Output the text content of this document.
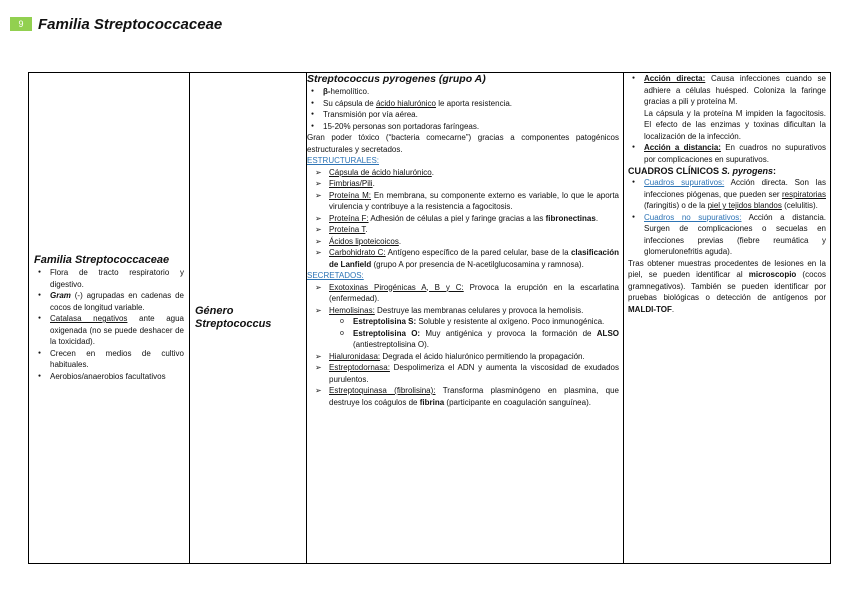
9 Familia Streptococcaceae
Familia Streptococcaceae
● Flora de tracto respiratorio y digestivo.
● Gram (-) agrupadas en cadenas de cocos de longitud variable.
● Catalasa negativos ante agua oxigenada (no se puede deshacer de la toxicidad).
● Crecen en medios de cultivo habituales.
● Aerobios/anaerobios facultativos

Género Streptococcus

Streptococcus pyrogenes (grupo A)
● β-hemolítico.
● Su cápsula de ácido hialurónico le aporta resistencia.
● Transmisión por vía aérea.
● 15-20% personas son portadoras faríngeas.
Gran poder tóxico (“bacteria comecarne”) gracias a componentes patogénicos estructurales y secretados.
ESTRUCTURALES:
➢ Cápsula de ácido hialurónico.
➢ Fimbrias/Pili.
➢ Proteína M: En membrana, su componente externo es variable, lo que le aporta virulencia y contribuye a la resistencia a fagocitosis.
➢ Proteína F: Adhesión de células a piel y faringe gracias a las fibronectinas.
➢ Proteína T.
➢ Ácidos lipoteicoicos.
➢ Carbohidrato C: Antígeno específico de la pared celular, base de la clasificación de Lanfield (grupo A por presencia de N-acetilglucosamina y ramnosa).
SECRETADOS:
➢ Exotoxinas Pirogénicas A, B y C: Provoca la erupción en la escarlatina (enfermedad).
➢ Hemolisinas: Destruye las membranas celulares y provoca la hemolisis.
o Estreptolisina S: Soluble y resistente al oxígeno. Poco inmunogénica.
o Estreptolisina O: Muy antigénica y provoca la formación de ALSO (antiestreptolisina O).
➢ Hialuronidasa: Degrada el ácido hialurónico permitiendo la propagación.
➢ Estreptodornasa: Despolimeriza el ADN y aumenta la viscosidad de exudados purulentos.
➢ Estreptoquinasa (fibrolisina): Transforma plasminógeno en plasmina, que destruye los coágulos de fibrina (participante en coagulación sanguínea).

● Acción directa: Causa infecciones cuando se adhiere a células huésped. Coloniza la faringe gracias a pili y proteína M.
La cápsula y la proteína M impiden la fagocitosis. El efecto de las enzimas y toxinas dificultan la localización de la infección.
● Acción a distancia: En cuadros no supurativos por complicaciones en supurativos.
CUADROS CLÍNICOS S. pyrogens:
● Cuadros supurativos: Acción directa. Son las infecciones piógenas, que pueden ser respiratorias (faringitis) o de la piel y tejidos blandos (celulitis).
● Cuadros no supurativos: Acción a distancia. Surgen de complicaciones o secuelas en infecciones previas (fiebre reumática y glomerulonefritis aguda).
Tras obtener muestras procedentes de lesiones en la piel, se pueden identificar al microscopio (cocos gramnegativos). También se pueden identificar por pruebas biológicas o detección de antígenos por MALDI-TOF.
